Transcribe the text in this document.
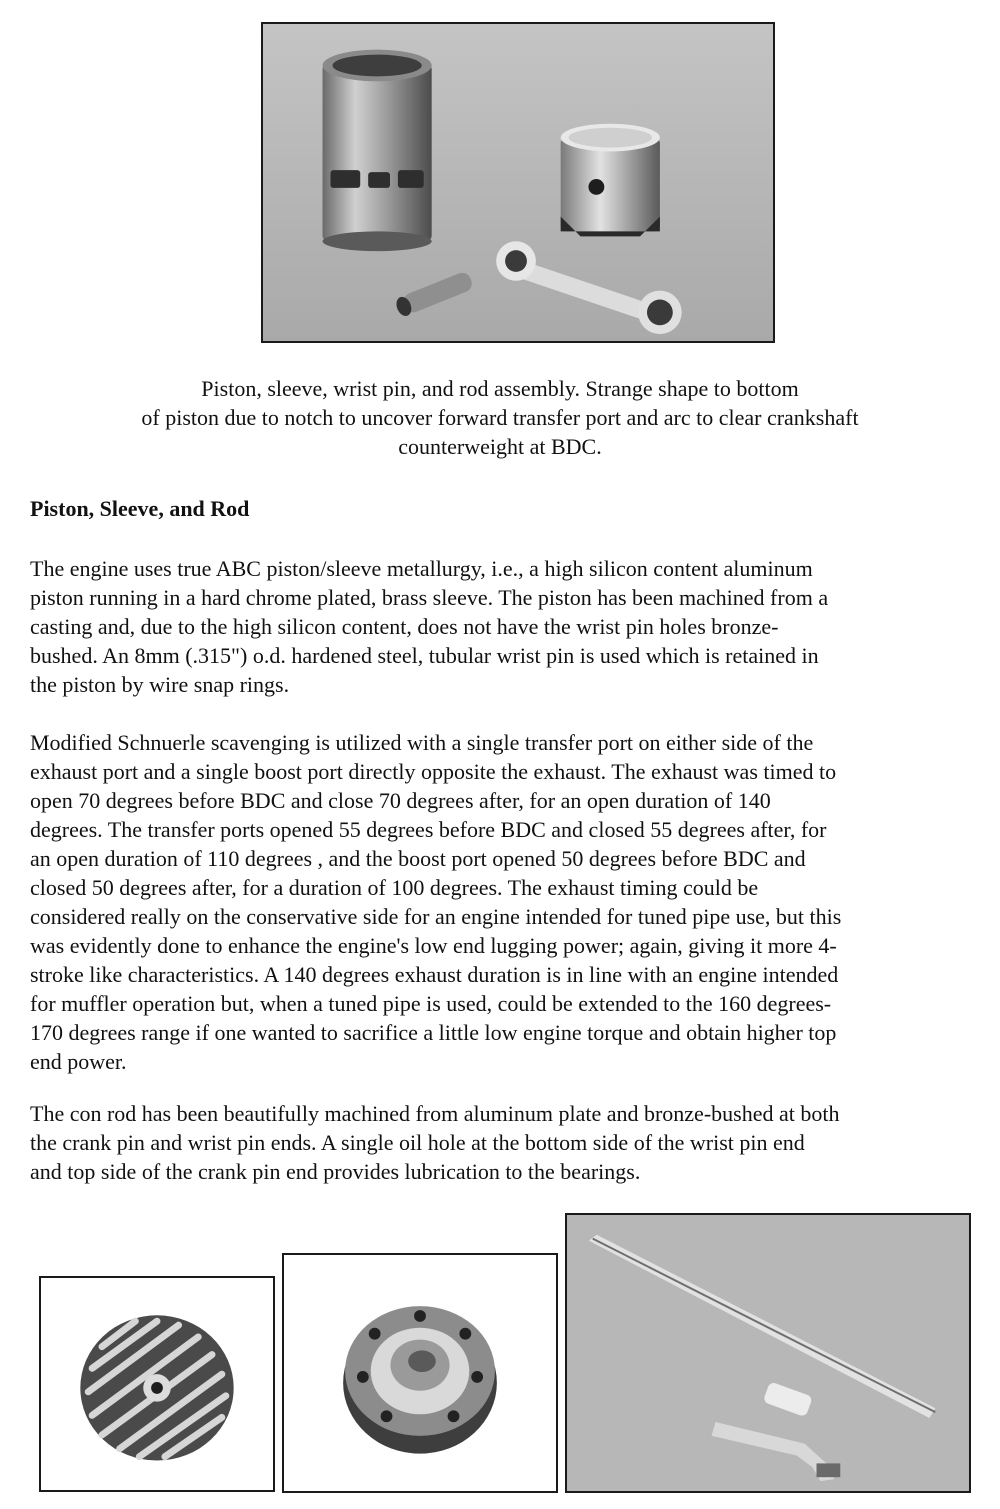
Piston, sleeve, wrist pin, and rod assembly. Strange shape to bottom
of piston due to notch to uncover forward transfer port and arc to clear crankshaft
counterweight at BDC.

Piston, Sleeve, and Rod

The engine uses true ABC piston/sleeve metallurgy, i.e., a high silicon content aluminum
piston running in a hard chrome plated, brass sleeve. The piston has been machined from a
casting and, due to the high silicon content, does not have the wrist pin holes bronze-
bushed. An 8mm (.315") o.d. hardened steel, tubular wrist pin is used which is retained in
the piston by wire snap rings.

Modified Schnuerle scavenging is utilized with a single transfer port on either side of the
exhaust port and a single boost port directly opposite the exhaust. The exhaust was timed to
open 70 degrees before BDC and close 70 degrees after, for an open duration of 140
degrees. The transfer ports opened 55 degrees before BDC and closed 55 degrees after, for
an open duration of 110 degrees , and the boost port opened 50 degrees before BDC and
closed 50 degrees after, for a duration of 100 degrees. The exhaust timing could be
considered really on the conservative side for an engine intended for tuned pipe use, but this
was evidently done to enhance the engine's low end lugging power; again, giving it more 4-
stroke like characteristics. A 140 degrees exhaust duration is in line with an engine intended
for muffler operation but, when a tuned pipe is used, could be extended to the 160 degrees-
170 degrees range if one wanted to sacrifice a little low engine torque and obtain higher top
end power.

The con rod has been beautifully machined from aluminum plate and bronze-bushed at both
the crank pin and wrist pin ends. A single oil hole at the bottom side of the wrist pin end
and top side of the crank pin end provides lubrication to the bearings.
